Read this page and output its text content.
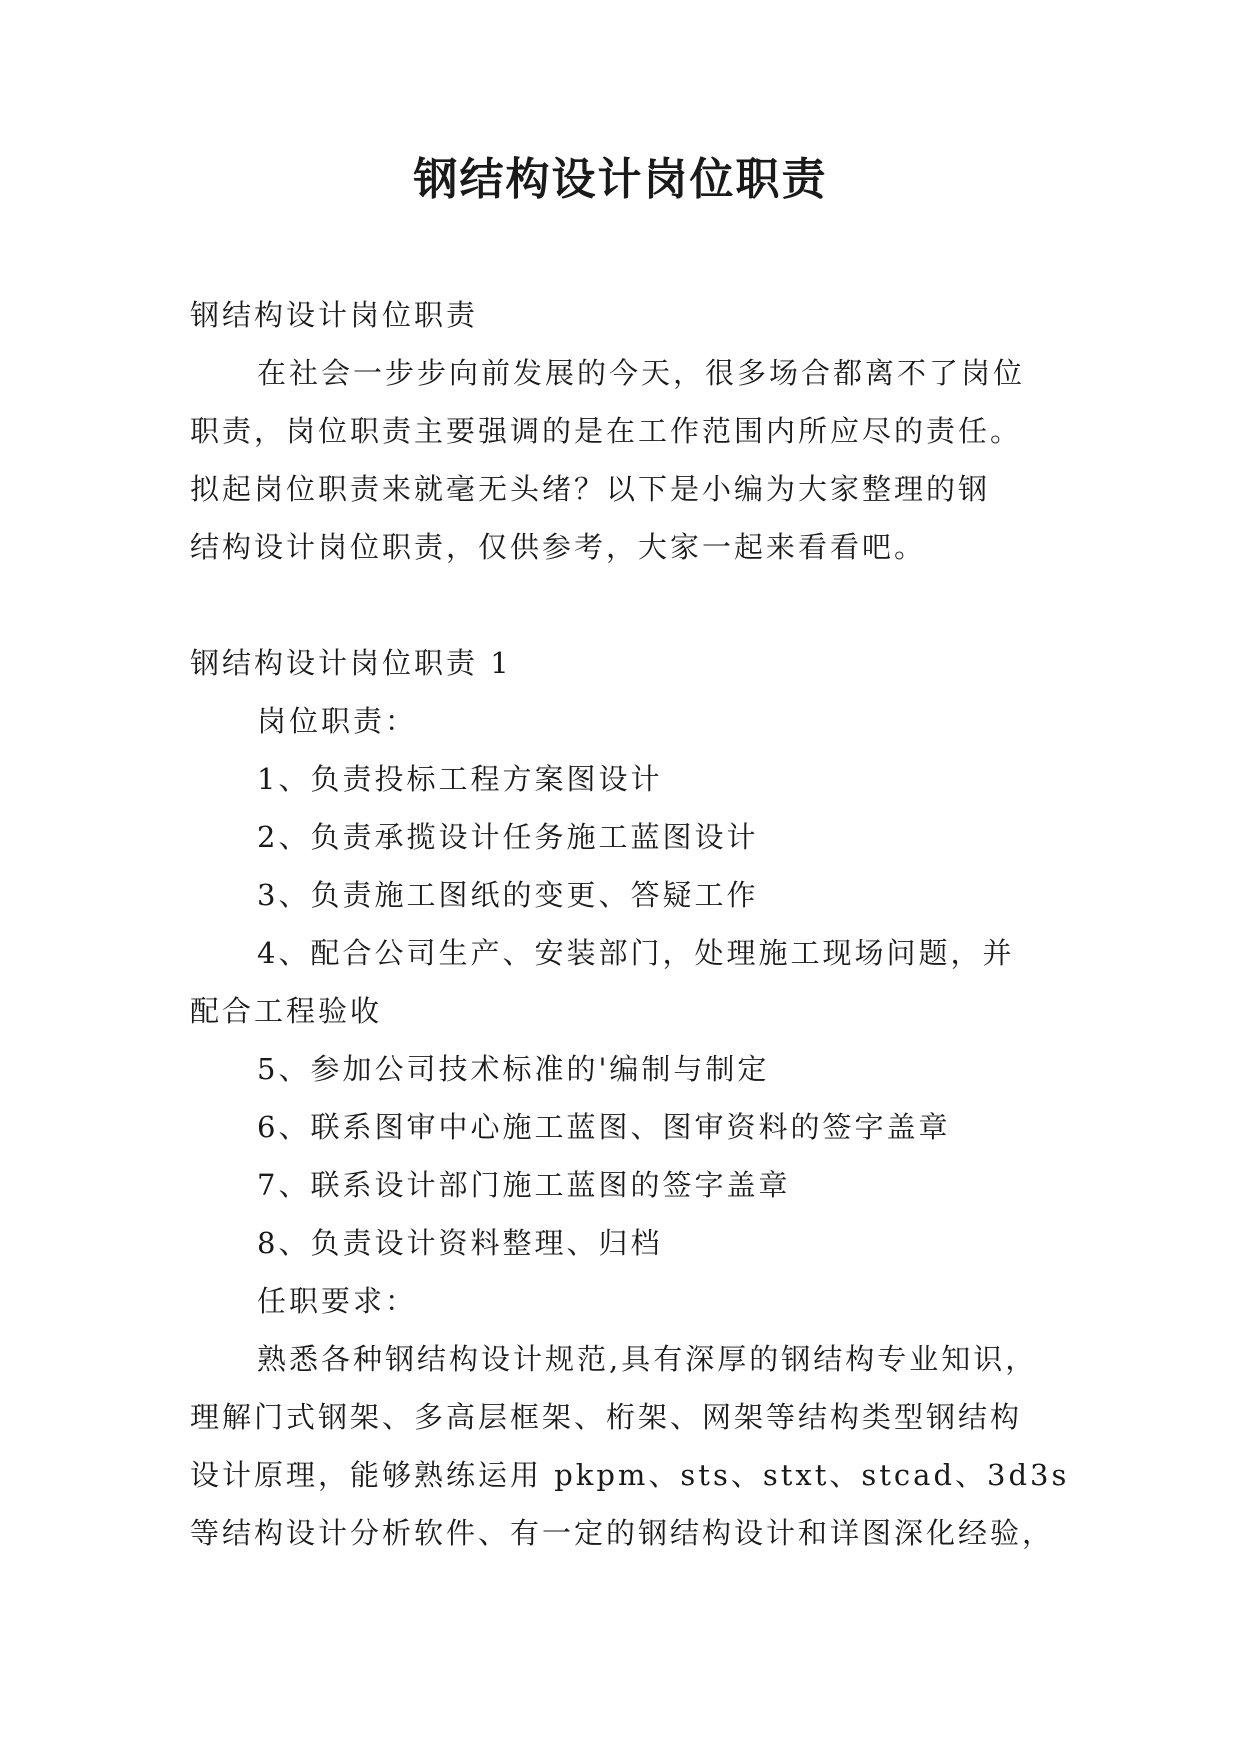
钢结构设计岗位职责
钢结构设计岗位职责
在社会一步步向前发展的今天，很多场合都离不了岗位
职责，岗位职责主要强调的是在工作范围内所应尽的责任。
拟起岗位职责来就毫无头绪？以下是小编为大家整理的钢
结构设计岗位职责，仅供参考，大家一起来看看吧。
钢结构设计岗位职责 1
岗位职责：
1、负责投标工程方案图设计
2、负责承揽设计任务施工蓝图设计
3、负责施工图纸的变更、答疑工作
4、配合公司生产、安装部门，处理施工现场问题，并
配合工程验收
5、参加公司技术标准的'编制与制定
6、联系图审中心施工蓝图、图审资料的签字盖章
7、联系设计部门施工蓝图的签字盖章
8、负责设计资料整理、归档
任职要求：
熟悉各种钢结构设计规范,具有深厚的钢结构专业知识，
理解门式钢架、多高层框架、桁架、网架等结构类型钢结构
设计原理，能够熟练运用 pkpm、sts、stxt、stcad、3d3s
等结构设计分析软件、有一定的钢结构设计和详图深化经验，
